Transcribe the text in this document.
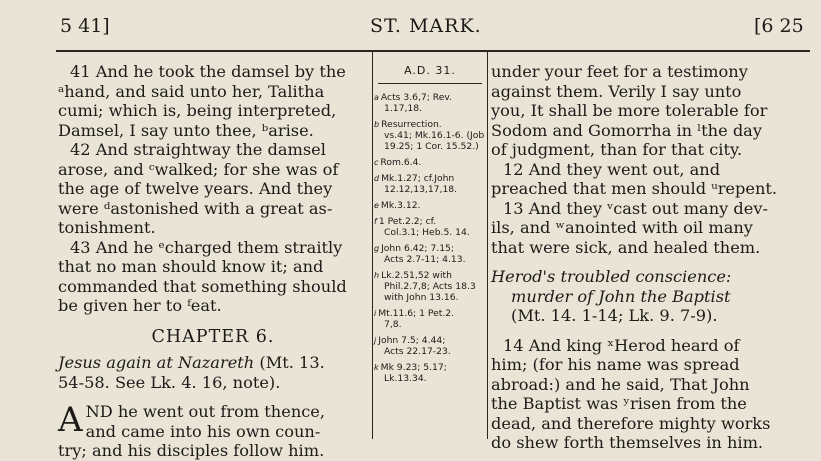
5 41]	ST. MARK.	[6 25
41 And he took the damsel by the
ᵃhand, and said unto her, Talitha
cumi; which is, being interpreted,
Damsel, I say unto thee, ᵇarise.
42 And straightway the damsel
arose, and ᶜwalked; for she was of
the age of twelve years. And they
were ᵈastonished with a great as-
tonishment.
43 And he ᵉcharged them straitly
that no man should know it; and
commanded that something should
be given her to ᶠeat.
CHAPTER 6.
Jesus again at Nazareth (Mt. 13.
54-58. See Lk. 4. 16, note).
A ND he went out from thence,
and came into his own coun-
try; and his disciples follow him.
A.D. 31.
a Acts 3.6,7; Rev.
1.17,18.
b Resurrection.
vs.41; Mk.16.1-6. (Job 19.25; 1 Cor. 15.52.)
c Rom.6.4.
d Mk.1.27; cf.John
12.12,13,17,18.
e Mk.3.12.
f 1 Pet.2.2; cf.
Col.3.1; Heb.5. 14.
g John 6.42; 7.15;
Acts 2.7-11; 4.13.
h Lk.2.51,52 with
Phil.2.7,8; Acts 18.3 with John 13.16.
i Mt.11.6; 1 Pet.2.
7,8.
j John 7.5; 4.44;
Acts 22.17-23.
k Mk 9.23; 5.17;
Lk.13.34.
under your feet for a testimony
against them. Verily I say unto
you, It shall be more tolerable for
Sodom and Gomorrha in ˡthe day
of judgment, than for that city.
12 And they went out, and
preached that men should ᵘrepent.
13 And they ᵛcast out many dev-
ils, and ʷanointed with oil many
that were sick, and healed them.
Herod's troubled conscience:
murder of John the Baptist
(Mt. 14. 1-14; Lk. 9. 7-9).
14 And king ˣHerod heard of
him; (for his name was spread
abroad:) and he said, That John
the Baptist was ʸrisen from the
dead, and therefore mighty works
do shew forth themselves in him.
